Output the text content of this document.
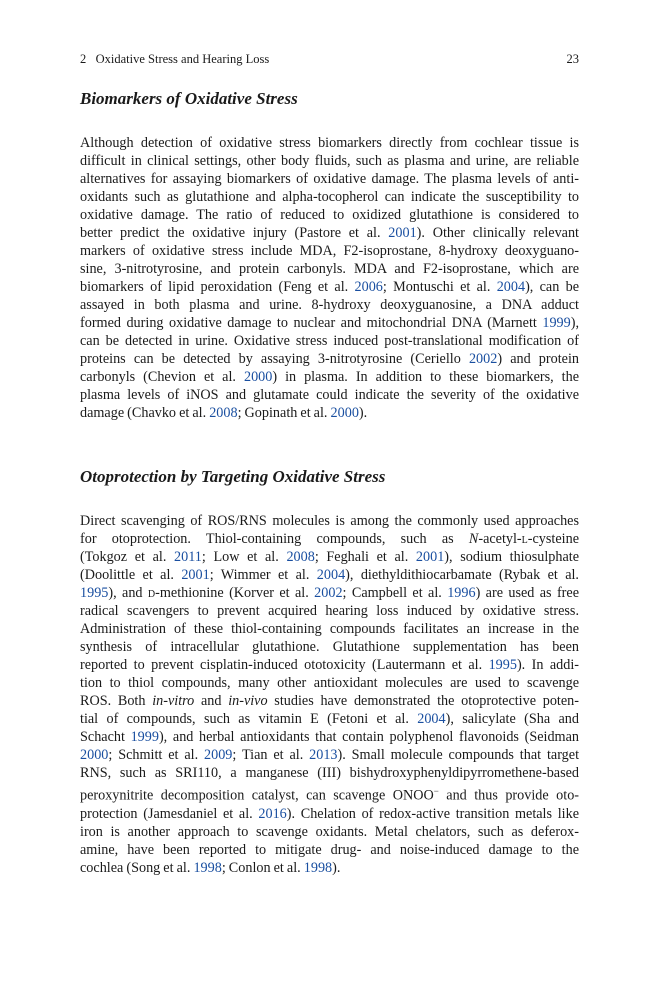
2   Oxidative Stress and Hearing Loss	23
Biomarkers of Oxidative Stress
Although detection of oxidative stress biomarkers directly from cochlear tissue is
difficult in clinical settings, other body fluids, such as plasma and urine, are reliable
alternatives for assaying biomarkers of oxidative damage. The plasma levels of anti-
oxidants such as glutathione and alpha-tocopherol can indicate the susceptibility to
oxidative damage. The ratio of reduced to oxidized glutathione is considered to
better predict the oxidative injury (Pastore et al. 2001). Other clinically relevant
markers of oxidative stress include MDA, F2-isoprostane, 8-hydroxy deoxyguano-
sine, 3-nitrotyrosine, and protein carbonyls. MDA and F2-isoprostane, which are
biomarkers of lipid peroxidation (Feng et al. 2006; Montuschi et al. 2004), can be
assayed in both plasma and urine. 8-hydroxy deoxyguanosine, a DNA adduct
formed during oxidative damage to nuclear and mitochondrial DNA (Marnett 1999),
can be detected in urine. Oxidative stress induced post-translational modification of
proteins can be detected by assaying 3-nitrotyrosine (Ceriello 2002) and protein
carbonyls (Chevion et al. 2000) in plasma. In addition to these biomarkers, the
plasma levels of iNOS and glutamate could indicate the severity of the oxidative
damage (Chavko et al. 2008; Gopinath et al. 2000).
Otoprotection by Targeting Oxidative Stress
Direct scavenging of ROS/RNS molecules is among the commonly used approaches
for otoprotection. Thiol-containing compounds, such as N-acetyl-l-cysteine
(Tokgoz et al. 2011; Low et al. 2008; Feghali et al. 2001), sodium thiosulphate
(Doolittle et al. 2001; Wimmer et al. 2004), diethyldithiocarbamate (Rybak et al.
1995), and d-methionine (Korver et al. 2002; Campbell et al. 1996) are used as free
radical scavengers to prevent acquired hearing loss induced by oxidative stress.
Administration of these thiol-containing compounds facilitates an increase in the
synthesis of intracellular glutathione. Glutathione supplementation has been
reported to prevent cisplatin-induced ototoxicity (Lautermann et al. 1995). In addi-
tion to thiol compounds, many other antioxidant molecules are used to scavenge
ROS. Both in-vitro and in-vivo studies have demonstrated the otoprotective poten-
tial of compounds, such as vitamin E (Fetoni et al. 2004), salicylate (Sha and
Schacht 1999), and herbal antioxidants that contain polyphenol flavonoids (Seidman
2000; Schmitt et al. 2009; Tian et al. 2013). Small molecule compounds that target
RNS, such as SRI110, a manganese (III) bishydroxyphenyldipyrromethene-based
peroxynitrite decomposition catalyst, can scavenge ONOO− and thus provide oto-
protection (Jamesdaniel et al. 2016). Chelation of redox-active transition metals like
iron is another approach to scavenge oxidants. Metal chelators, such as deferox-
amine, have been reported to mitigate drug- and noise-induced damage to the
cochlea (Song et al. 1998; Conlon et al. 1998).
